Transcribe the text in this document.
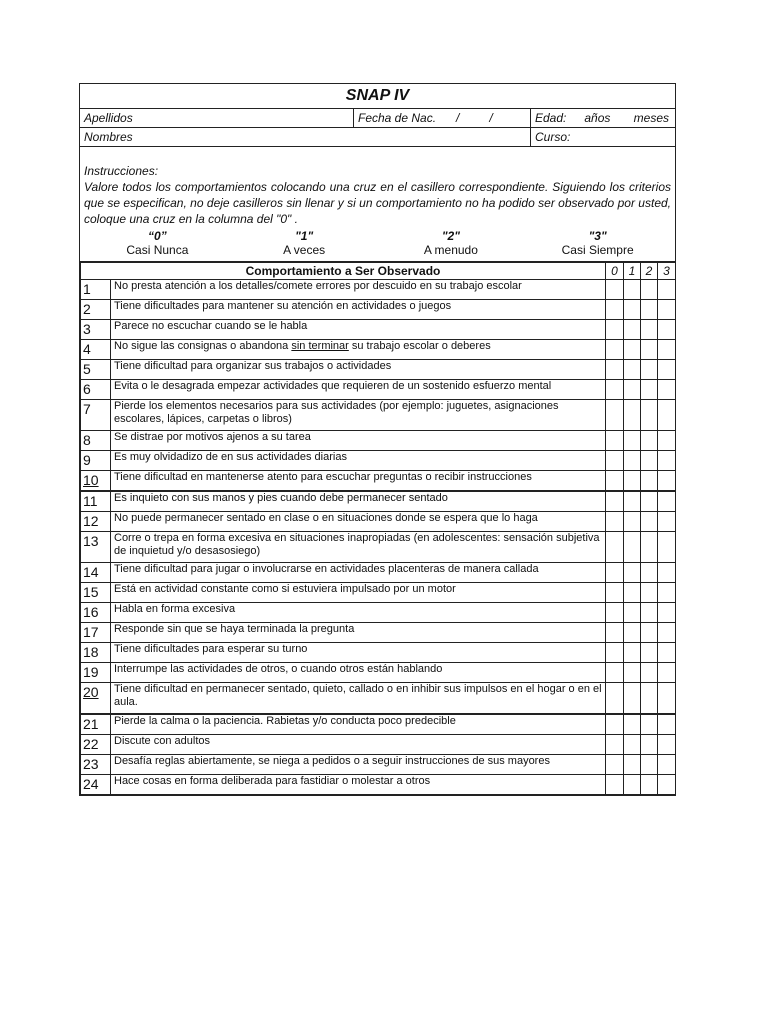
SNAP IV
Apellidos	Fecha de Nac. /	/	Edad: años meses
Nombres	Curso:
Instrucciones:
Valore todos los comportamientos colocando una cruz en el casillero correspondiente. Siguiendo los criterios que se especifican, no deje casilleros sin llenar y si un comportamiento no ha podido ser observado por usted, coloque una cruz en la columna del "0" .
“0”
Casi Nunca
"1"
A veces
"2"
A menudo
"3"
Casi Siempre
Comportamiento a Ser Observado		0	1	2	3
1	No presta atención a los detalles/comete errores por descuido en su trabajo escolar				
2	Tiene dificultades para mantener su atención en actividades o juegos				
3	Parece no escuchar cuando se le habla				
4	No sigue las consignas o abandona sin terminar su trabajo escolar o deberes				
5	Tiene dificultad para organizar sus trabajos o actividades				
6	Evita o le desagrada empezar actividades que requieren de un sostenido esfuerzo mental				
7	Pierde los elementos necesarios para sus actividades (por ejemplo: juguetes, asignaciones escolares, lápices, carpetas o libros)				
8	Se distrae por motivos ajenos a su tarea				
9	Es muy olvidadizo de en sus actividades diarias				
10	Tiene dificultad en mantenerse atento para escuchar preguntas o recibir instrucciones				
11	Es inquieto con sus manos y pies cuando debe permanecer sentado				
12	No puede permanecer sentado en clase o en situaciones donde se espera que lo haga				
13	Corre o trepa en forma excesiva en situaciones inapropiadas (en adolescentes: sensación subjetiva de inquietud y/o desasosiego)				
14	Tiene dificultad para jugar o involucrarse en actividades placenteras de manera callada				
15	Está en actividad constante como si estuviera impulsado por un motor				
16	Habla en forma excesiva				
17	Responde sin que se haya terminada la pregunta				
18	Tiene dificultades para esperar su turno				
19	Interrumpe las actividades de otros, o cuando otros están hablando				
20	Tiene dificultad en permanecer sentado, quieto, callado o en inhibir sus impulsos en el hogar o en el aula.				
21	Pierde la calma o la paciencia. Rabietas y/o conducta poco predecible				
22	Discute con adultos				
23	Desafía reglas abiertamente, se niega a pedidos o a seguir instrucciones de sus mayores				
24	Hace cosas en forma deliberada para fastidiar o molestar a otros				
